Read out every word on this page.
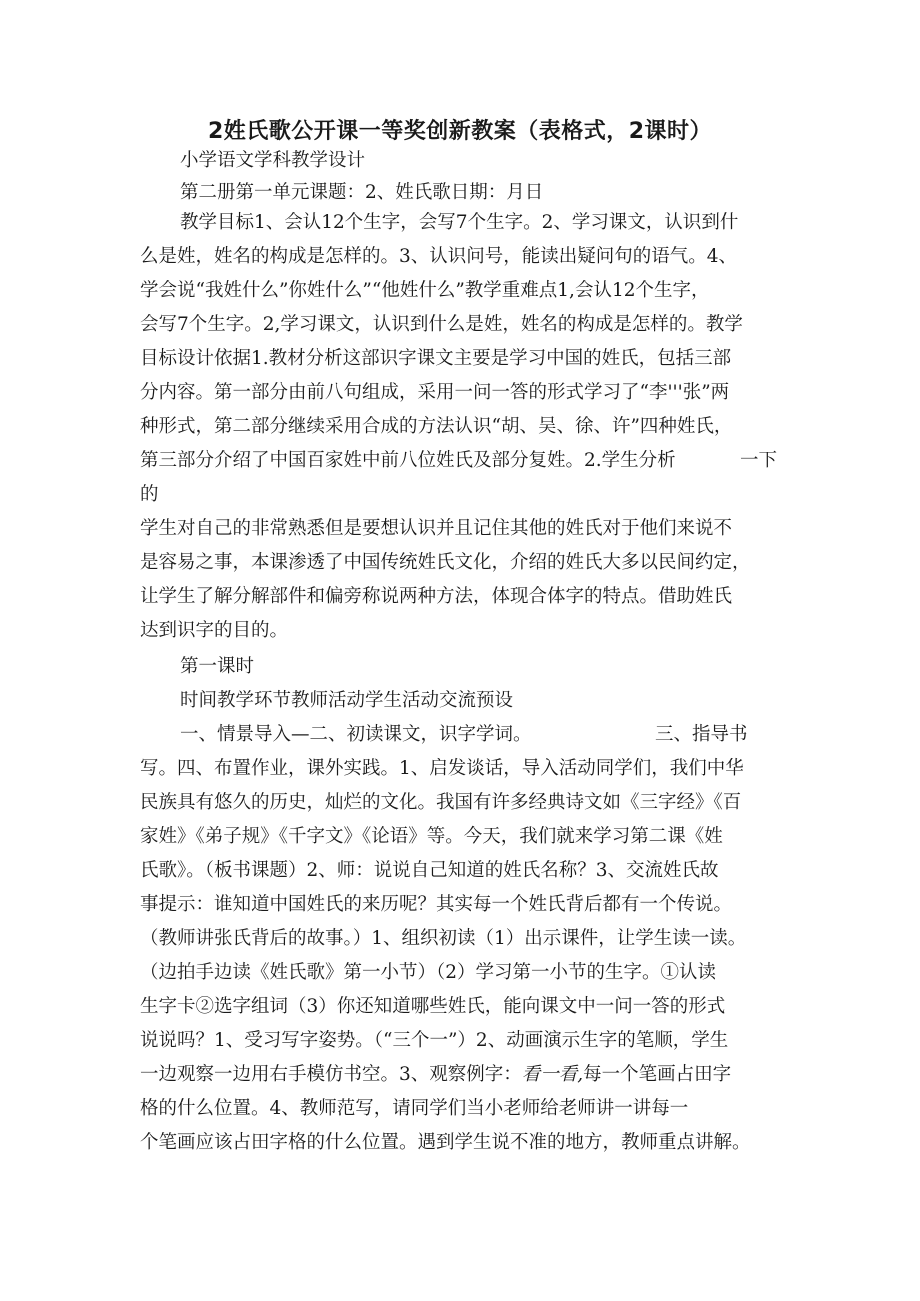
2姓氏歌公开课一等奖创新教案（表格式，2课时）
小学语文学科教学设计
第二册第一单元课题：2、姓氏歌日期：月日
教学目标1、会认12个生字，会写7个生字。2、学习课文，认识到什
么是姓，姓名的构成是怎样的。3、认识问号，能读出疑问句的语气。4、
学会说“我姓什么”你姓什么”“他姓什么”教学重难点1,会认12个生字，
会写7个生字。2,学习课文，认识到什么是姓，姓名的构成是怎样的。教学
目标设计依据1.教材分析这部识字课文主要是学习中国的姓氏，包括三部
分内容。第一部分由前八句组成，采用一问一答的形式学习了“李'''张”两
种形式，第二部分继续采用合成的方法认识“胡、吴、徐、许”四种姓氏，
第三部分介绍了中国百家姓中前八位姓氏及部分复姓。2.学生分析	一下
的
学生对自己的非常熟悉但是要想认识并且记住其他的姓氏对于他们来说不
是容易之事，本课渗透了中国传统姓氏文化，介绍的姓氏大多以民间约定，
让学生了解分解部件和偏旁称说两种方法，体现合体字的特点。借助姓氏
达到识字的目的。
第一课时
时间教学环节教师活动学生活动交流预设
一、情景导入—二、初读课文，识字学词。	三、指导书
写。四、布置作业，课外实践。1、启发谈话，导入活动同学们，我们中华
民族具有悠久的历史，灿烂的文化。我国有许多经典诗文如《三字经》《百
家姓》《弟子规》《千字文》《论语》等。今天，我们就来学习第二课《姓
氏歌》。（板书课题）2、师：说说自己知道的姓氏名称？3、交流姓氏故
事提示：谁知道中国姓氏的来历呢？其实每一个姓氏背后都有一个传说。
（教师讲张氏背后的故事。）1、组织初读（1）出示课件，让学生读一读。
（边拍手边读《姓氏歌》第一小节）（2）学习第一小节的生字。①认读
生字卡②选字组词（3）你还知道哪些姓氏，能向课文中一问一答的形式
说说吗？1、受习写字姿势。（“三个一”）2、动画演示生字的笔顺，学生
一边观察一边用右手模仿书空。3、观察例字：看一看,每一个笔画占田字
格的什么位置。4、教师范写，请同学们当小老师给老师讲一讲每一
个笔画应该占田字格的什么位置。遇到学生说不准的地方，教师重点讲解。
